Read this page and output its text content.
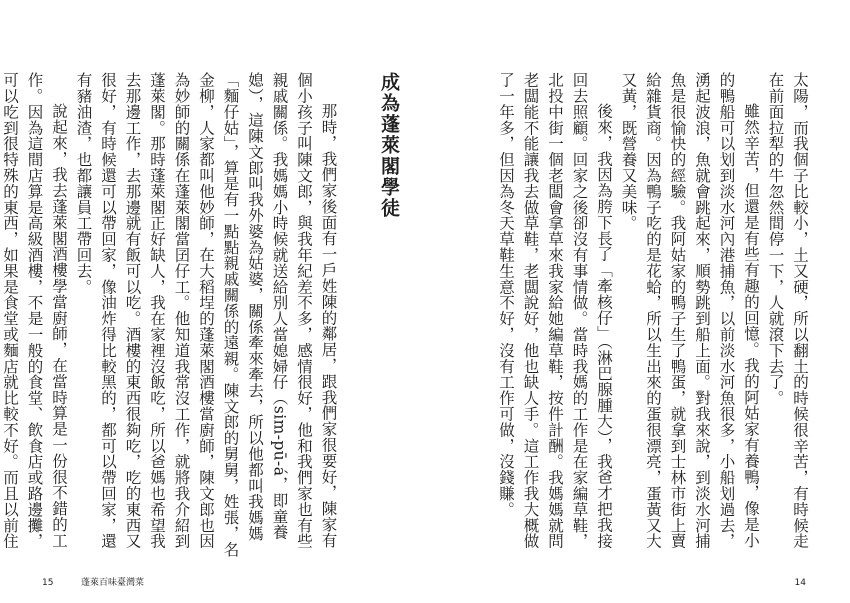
成為蓬萊閣學徒

那時，我們家後面有一戶姓陳的鄰居，跟我們家很要好，陳家有個小孩子叫陳文郎，與我年紀差不多，感情很好，他和我們家也有些親戚關係。我媽媽小時候就送給別人當媳婦仔（sim-pū-á，即童養媳），這陳文郎叫我外婆為姑婆，關係牽來牽去，所以他都叫我媽媽「麵仔姑」，算是有一點點親戚關係的遠親。陳文郎的舅舅，姓張，名金柳，人家都叫他妙師，在大稻埕的蓬萊閣酒樓當廚師，陳文郎也因為妙師的關係在蓬萊閣當囝仔工。他知道我常沒工作，就將我介紹到蓬萊閣。那時蓬萊閣正好缺人，我在家裡沒飯吃，所以爸媽也希望我去那邊工作，去那邊就有飯可以吃。酒樓的東西很夠吃，吃的東西又很好，有時候還可以帶回家，像油炸得比較黑的，都可以帶回家，還有豬油渣，也都讓員工帶回去。

說起來，我去蓬萊閣酒樓學當廚師，在當時算是一份很不錯的工作。因為這間店算是高級酒樓，不是一般的食堂、飲食店或路邊攤，可以吃到很特殊的東西，如果是食堂或麵店就比較不好。而且以前住

15	蓬萊百味臺灣菜

太陽，而我個子比較小，土又硬，所以翻土的時候很辛苦，有時候走在前面拉犁的牛忽然間停一下，人就滾下去了。

雖然辛苦，但還是有些有趣的回憶。我的阿姑家有養鴨，像是小的鴨船可以划到淡水河內港捕魚，以前淡水河魚很多，小船划過去，湧起波浪，魚就會跳起來，順勢跳到船上面。對我來說，到淡水河捕魚是很愉快的經驗。我阿姑家的鴨子生了鴨蛋，就拿到士林市街上賣給雜貨商。因為鴨子吃的是花蛤，所以生出來的蛋很漂亮，蛋黃又大又黃，既營養又美味。

後來，我因為胯下長了「牽核仔」（淋巴腺腫大），我爸才把我接回去照顧。回家之後卻沒有事情做。當時我媽的工作是在家編草鞋，北投中街一個老闆會拿草來我家給她編草鞋，按件計酬。我媽媽就問老闆能不能讓我去做草鞋，老闆說好，他也缺人手。這工作我大概做了一年多，但因為冬天草鞋生意不好，沒有工作可做，沒錢賺。

14
